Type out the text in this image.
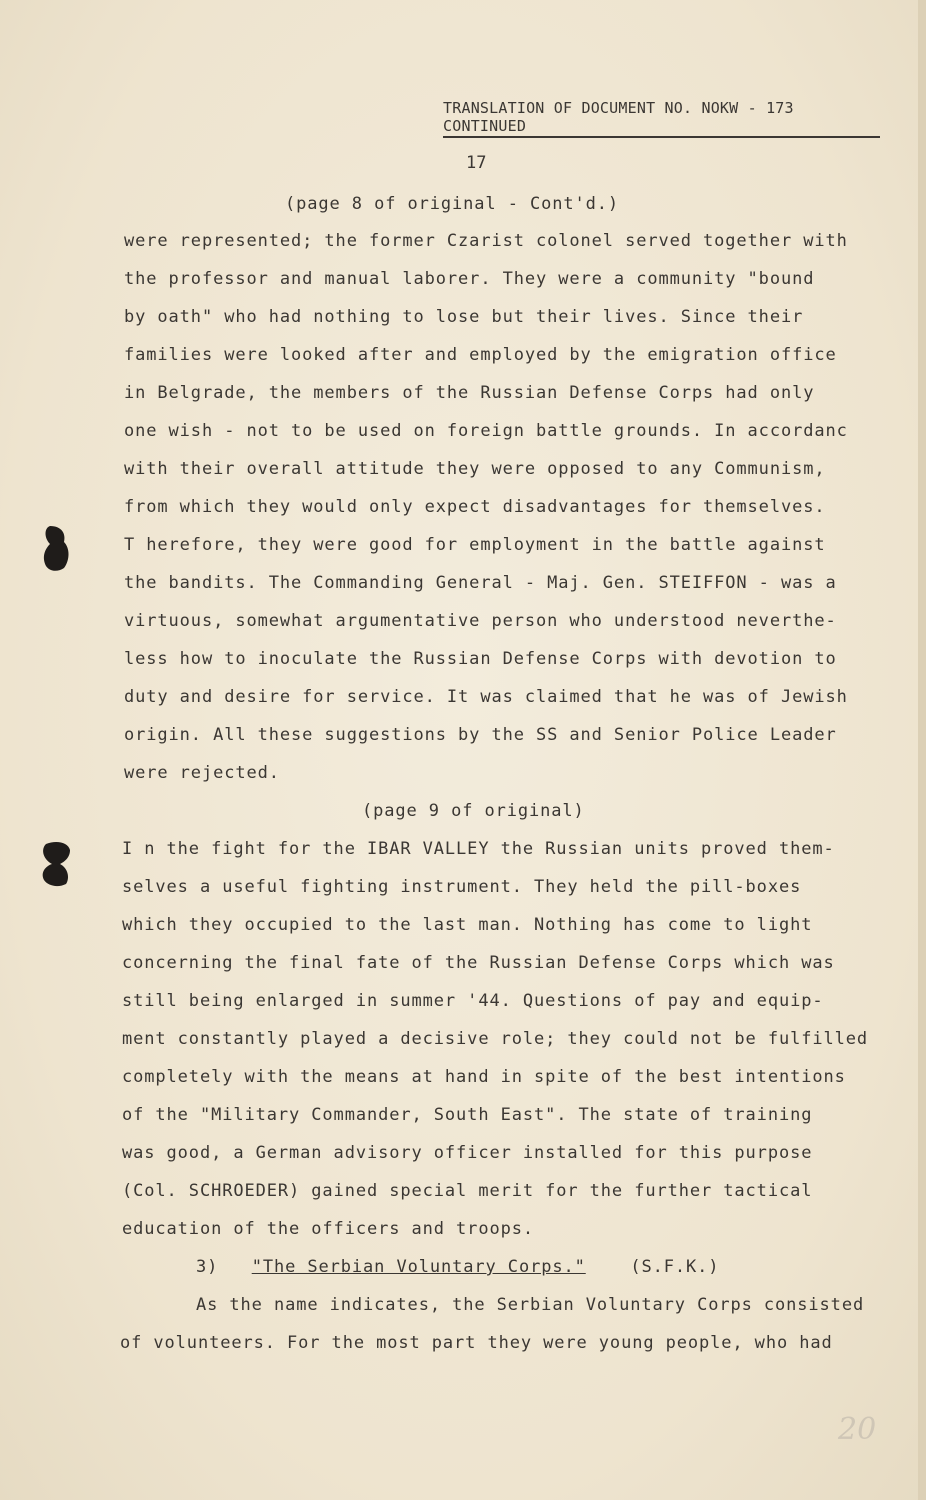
TRANSLATION OF DOCUMENT NO. NOKW - 173
CONTINUED
17
(page 8 of original - Cont'd.)
were represented; the former Czarist colonel served together with
the professor and manual laborer. They were a community "bound
by oath" who had nothing to lose but their lives. Since their
families were looked after and employed by the emigration office
in Belgrade, the members of the Russian Defense Corps had only
one wish - not to be used on foreign battle grounds. In accordanc
with their overall attitude they were opposed to any Communism,
from which they would only expect disadvantages for themselves.
T herefore, they were good for employment in the battle against
the bandits. The Commanding General - Maj. Gen. STEIFFON - was a
virtuous, somewhat argumentative person who understood neverthe-
less how to inoculate the Russian Defense Corps with devotion to
duty and desire for service. It was claimed that he was of Jewish
origin. All these suggestions by the SS and Senior Police Leader
were rejected.
(page 9 of original)
I n the fight for the IBAR VALLEY the Russian units proved them-
selves a useful fighting instrument. They held the pill-boxes
which they occupied to the last man. Nothing has come to light
concerning the final fate of the Russian Defense Corps which was
still being enlarged in summer '44. Questions of pay and equip-
ment constantly played a decisive role; they could not be fulfilled
completely with the means at hand in spite of the best intentions
of the "Military Commander, South East". The state of training
was good, a German advisory officer installed for this purpose
(Col. SCHROEDER) gained special merit for the further tactical
education of the officers and troops.
3) "The Serbian Voluntary Corps."	(S.F.K.)
As the name indicates, the Serbian Voluntary Corps consisted
of volunteers. For the most part they were young people, who had
20
